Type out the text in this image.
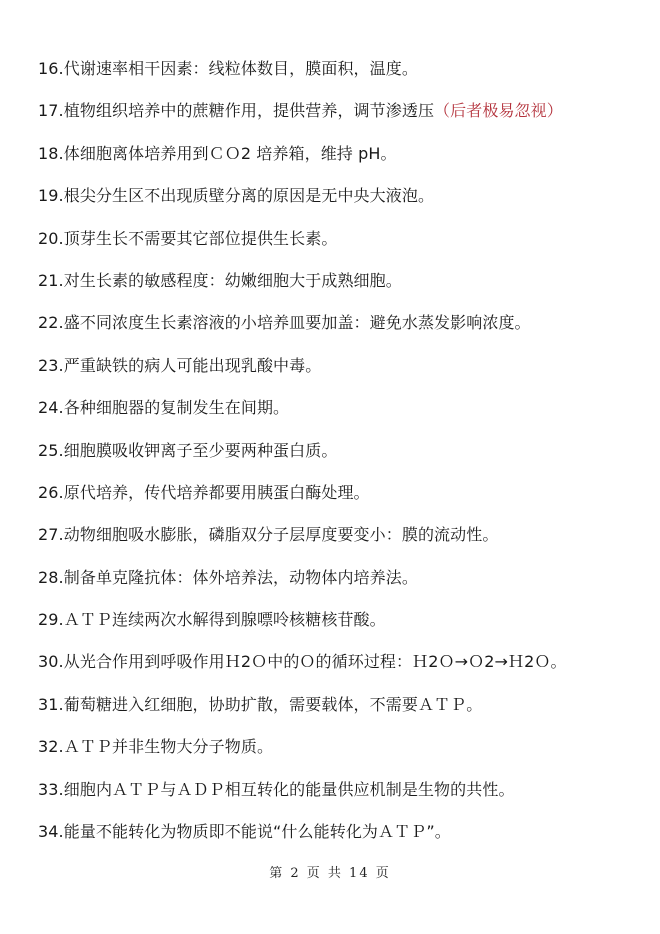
16.代谢速率相干因素：线粒体数目，膜面积，温度。
17.植物组织培养中的蔗糖作用，提供营养，调节渗透压（后者极易忽视）
18.体细胞离体培养用到ＣＯ2 培养箱，维持 pH。
19.根尖分生区不出现质壁分离的原因是无中央大液泡。
20.顶芽生长不需要其它部位提供生长素。
21.对生长素的敏感程度：幼嫩细胞大于成熟细胞。
22.盛不同浓度生长素溶液的小培养皿要加盖：避免水蒸发影响浓度。
23.严重缺铁的病人可能出现乳酸中毒。
24.各种细胞器的复制发生在间期。
25.细胞膜吸收钾离子至少要两种蛋白质。
26.原代培养，传代培养都要用胰蛋白酶处理。
27.动物细胞吸水膨胀，磷脂双分子层厚度要变小：膜的流动性。
28.制备单克隆抗体：体外培养法，动物体内培养法。
29.ＡＴＰ连续两次水解得到腺嘌呤核糖核苷酸。
30.从光合作用到呼吸作用Ｈ2Ｏ中的Ｏ的循环过程：Ｈ2Ｏ→Ｏ2→Ｈ2Ｏ。
31.葡萄糖进入红细胞，协助扩散，需要载体，不需要ＡＴＰ。
32.ＡＴＰ并非生物大分子物质。
33.细胞内ＡＴＰ与ＡＤＰ相互转化的能量供应机制是生物的共性。
34.能量不能转化为物质即不能说“什么能转化为ＡＴＰ”。
第 2 页 共 14 页
